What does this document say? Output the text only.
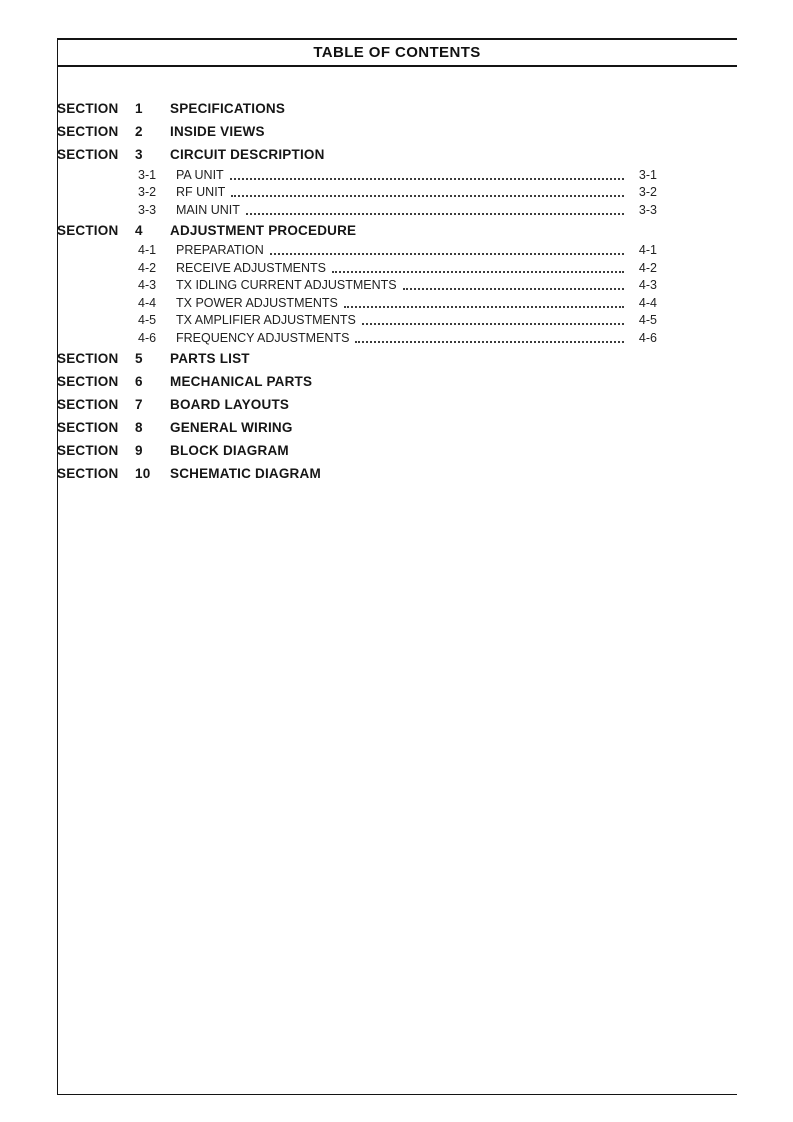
TABLE OF CONTENTS
SECTION	1	SPECIFICATIONS
SECTION	2	INSIDE VIEWS
SECTION	3	CIRCUIT DESCRIPTION
3-1	PA UNIT	3-1
3-2	RF UNIT	3-2
3-3	MAIN UNIT	3-3
SECTION	4	ADJUSTMENT PROCEDURE
4-1	PREPARATION	4-1
4-2	RECEIVE ADJUSTMENTS	4-2
4-3	TX IDLING CURRENT ADJUSTMENTS	4-3
4-4	TX POWER ADJUSTMENTS	4-4
4-5	TX AMPLIFIER ADJUSTMENTS	4-5
4-6	FREQUENCY ADJUSTMENTS	4-6
SECTION	5	PARTS LIST
SECTION	6	MECHANICAL PARTS
SECTION	7	BOARD LAYOUTS
SECTION	8	GENERAL WIRING
SECTION	9	BLOCK DIAGRAM
SECTION	10	SCHEMATIC DIAGRAM
